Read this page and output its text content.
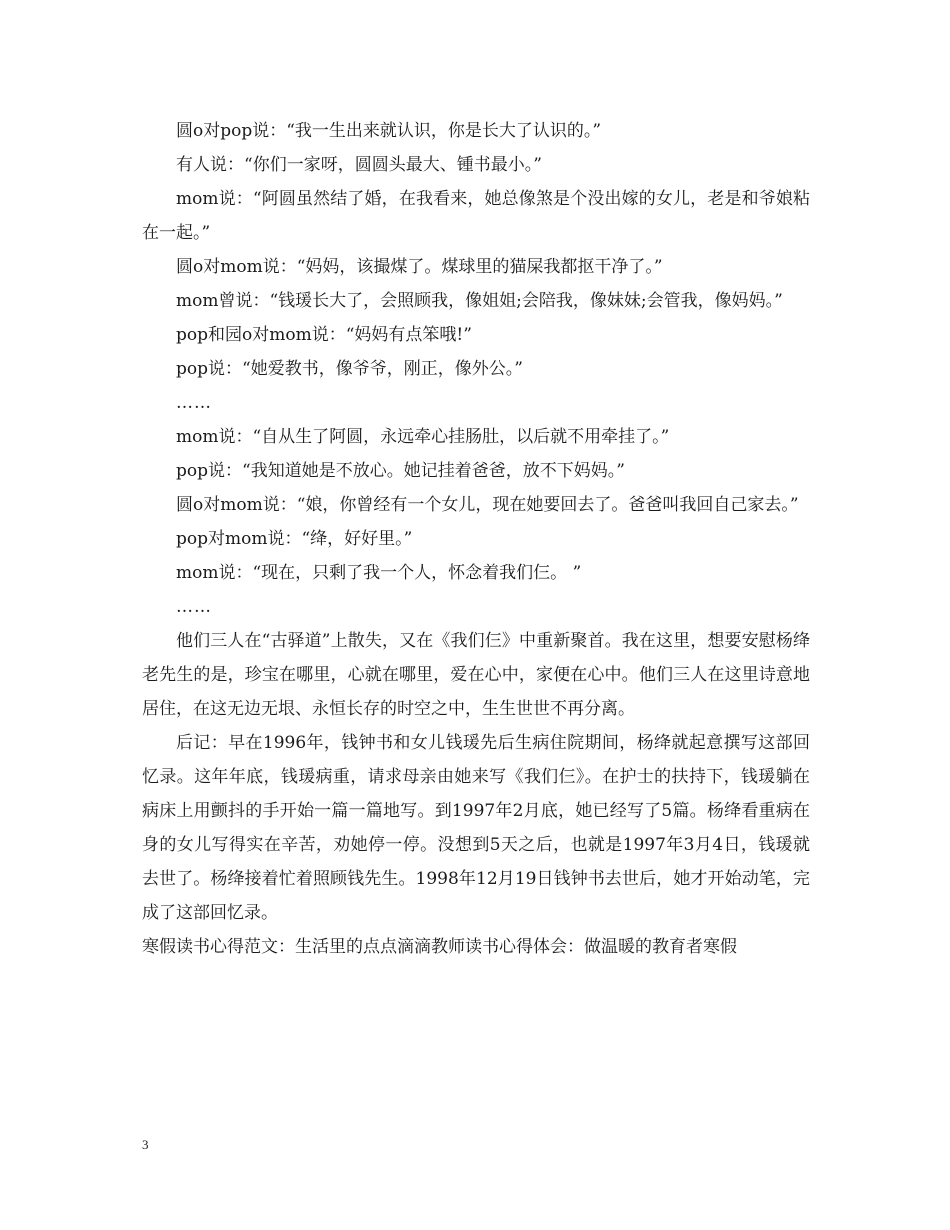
圆o对pop说：“我一生出来就认识，你是长大了认识的。”

有人说：“你们一家呀，圆圆头最大、锺书最小。”

mom说：“阿圆虽然结了婚，在我看来，她总像煞是个没出嫁的女儿，老是和爷娘粘在一起。”

圆o对mom说：“妈妈，该撮煤了。煤球里的猫屎我都抠干净了。”

mom曾说：“钱瑗长大了，会照顾我，像姐姐;会陪我，像妹妹;会管我，像妈妈。”

pop和园o对mom说：“妈妈有点笨哦!”

pop说：“她爱教书，像爷爷，刚正，像外公。”

……

mom说：“自从生了阿圆，永远牵心挂肠肚，以后就不用牵挂了。”

pop说：“我知道她是不放心。她记挂着爸爸，放不下妈妈。”

圆o对mom说：“娘，你曾经有一个女儿，现在她要回去了。爸爸叫我回自己家去。”

pop对mom说：“绛，好好里。”

mom说：“现在，只剩了我一个人，怀念着我们仨。 ”

……

他们三人在“古驿道”上散失，又在《我们仨》中重新聚首。我在这里，想要安慰杨绛老先生的是，珍宝在哪里，心就在哪里，爱在心中，家便在心中。他们三人在这里诗意地居住，在这无边无垠、永恒长存的时空之中，生生世世不再分离。

后记：早在1996年，钱钟书和女儿钱瑗先后生病住院期间，杨绛就起意撰写这部回忆录。这年年底，钱瑗病重，请求母亲由她来写《我们仨》。在护士的扶持下，钱瑗躺在病床上用颤抖的手开始一篇一篇地写。到1997年2月底，她已经写了5篇。杨绛看重病在身的女儿写得实在辛苦，劝她停一停。没想到5天之后，也就是1997年3月4日，钱瑗就去世了。杨绛接着忙着照顾钱先生。1998年12月19日钱钟书去世后，她才开始动笔，完成了这部回忆录。

寒假读书心得范文：生活里的点点滴滴教师读书心得体会：做温暖的教育者寒假

3
